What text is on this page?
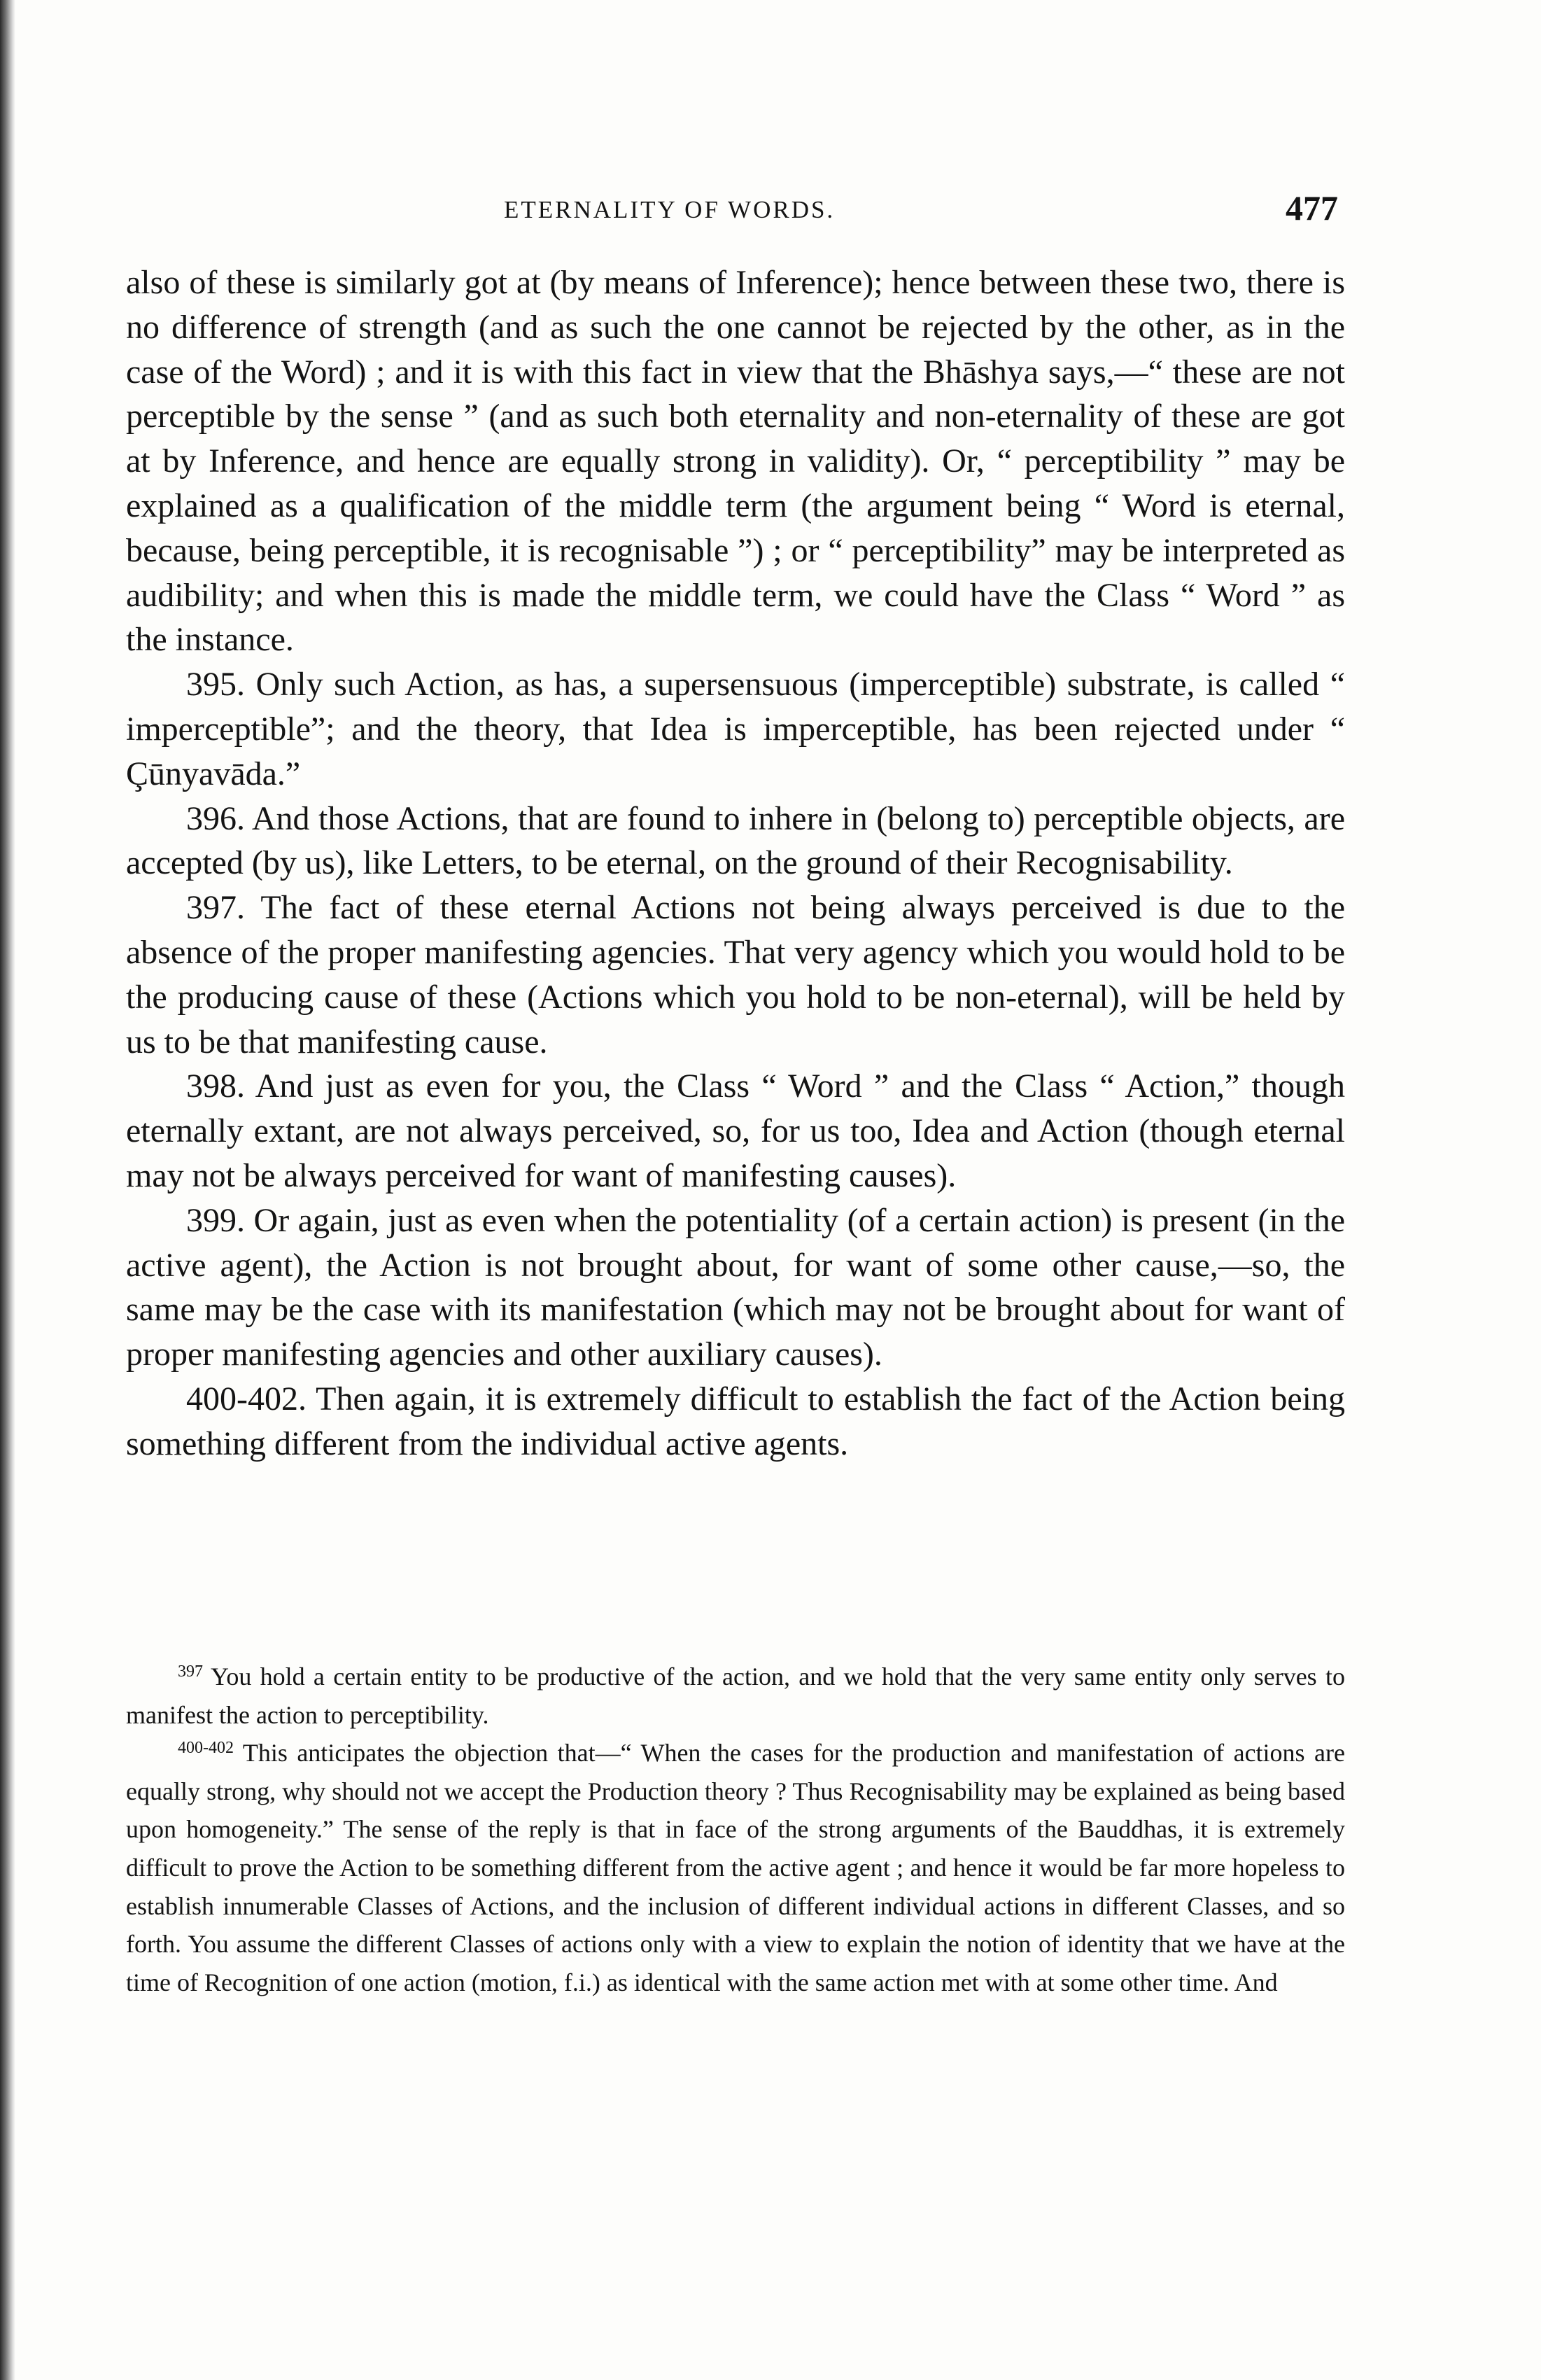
ETERNALITY OF WORDS.	477

also of these is similarly got at (by means of Inference); hence between these two, there is no difference of strength (and as such the one cannot be rejected by the other, as in the case of the Word) ; and it is with this fact in view that the Bhāshya says,—“ these are not perceptible by the sense ” (and as such both eternality and non-eternality of these are got at by Inference, and hence are equally strong in validity). Or, “ perceptibility ” may be explained as a qualification of the middle term (the argument being “ Word is eternal, because, being perceptible, it is recognisable ”) ; or “ perceptibility” may be interpreted as audibility; and when this is made the middle term, we could have the Class “ Word ” as the instance.

395. Only such Action, as has, a supersensuous (imperceptible) substrate, is called “ imperceptible”; and the theory, that Idea is imperceptible, has been rejected under “ Çūnyavāda.”

396. And those Actions, that are found to inhere in (belong to) perceptible objects, are accepted (by us), like Letters, to be eternal, on the ground of their Recognisability.

397. The fact of these eternal Actions not being always perceived is due to the absence of the proper manifesting agencies. That very agency which you would hold to be the producing cause of these (Actions which you hold to be non-eternal), will be held by us to be that manifesting cause.

398. And just as even for you, the Class “ Word ” and the Class “ Action,” though eternally extant, are not always perceived, so, for us too, Idea and Action (though eternal may not be always perceived for want of manifesting causes).

399. Or again, just as even when the potentiality (of a certain action) is present (in the active agent), the Action is not brought about, for want of some other cause,—so, the same may be the case with its manifestation (which may not be brought about for want of proper manifesting agencies and other auxiliary causes).

400-402. Then again, it is extremely difficult to establish the fact of the Action being something different from the individual active agents.

$^{397}$ You hold a certain entity to be productive of the action, and we hold that the very same entity only serves to manifest the action to perceptibility.

$^{400-402}$ This anticipates the objection that—“ When the cases for the production and manifestation of actions are equally strong, why should not we accept the Production theory ? Thus Recognisability may be explained as being based upon homogeneity.” The sense of the reply is that in face of the strong arguments of the Bauddhas, it is extremely difficult to prove the Action to be something different from the active agent ; and hence it would be far more hopeless to establish innumerable Classes of Actions, and the inclusion of different individual actions in different Classes, and so forth. You assume the different Classes of actions only with a view to explain the notion of identity that we have at the time of Recognition of one action (motion, f.i.) as identical with the same action met with at some other time. And
